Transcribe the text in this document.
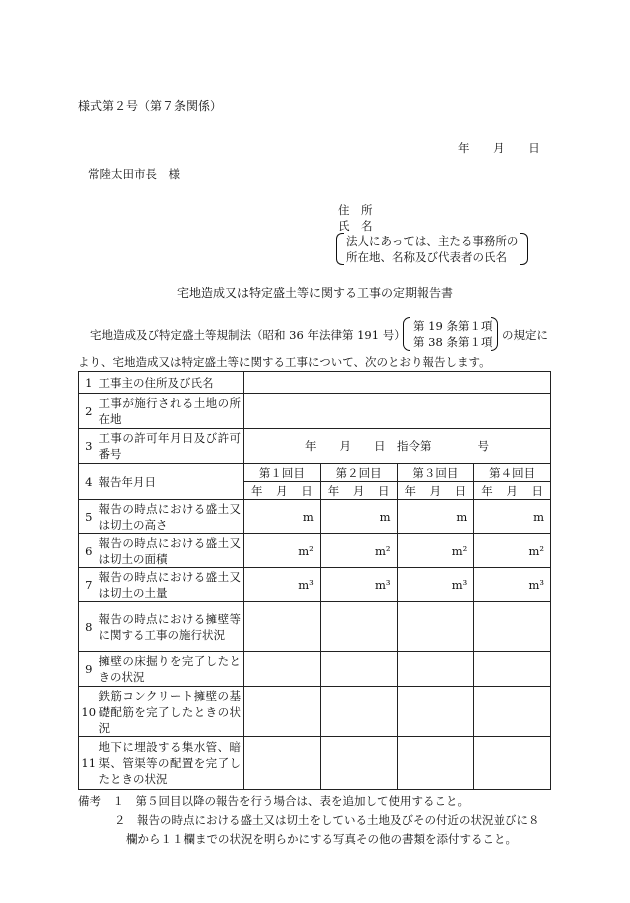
様式第２号（第７条関係）
年 月 日
常陸太田市長　様
住　所
氏　名
法人にあっては、主たる事務所の
所在地、名称及び代表者の氏名
宅地造成又は特定盛土等に関する工事の定期報告書
宅地造成及び特定盛土等規制法（昭和 36 年法律第 191 号）
第 19 条第１項
第 38 条第１項 の規定に
より、宅地造成又は特定盛土等に関する工事について、次のとおり報告します。
1	工事主の住所及び氏名				
2	工事が施行される土地の所在地				
3	工事の許可年月日及び許可番号	年　　月　　日　指令第　　　　号			
4	報告年月日	第１回目	第２回目	第３回目	第４回目
		年 月 日	年 月 日	年 月 日	年 月 日
5	報告の時点における盛土又は切土の高さ	m	m	m	m
6	報告の時点における盛土又は切土の面積	m²	m²	m²	m²
7	報告の時点における盛土又は切土の土量	m³	m³	m³	m³
8	報告の時点における擁壁等に関する工事の施行状況				
9	擁壁の床掘りを完了したときの状況				
10	鉄筋コンクリート擁壁の基礎配筋を完了したときの状況				
11	地下に埋設する集水管、暗渠、管渠等の配置を完了したときの状況				
備考　 １　第５回目以降の報告を行う場合は、表を追加して使用すること。
２　報告の時点における盛土又は切土をしている土地及びその付近の状況並びに８
欄から１１欄までの状況を明らかにする写真その他の書類を添付すること。
